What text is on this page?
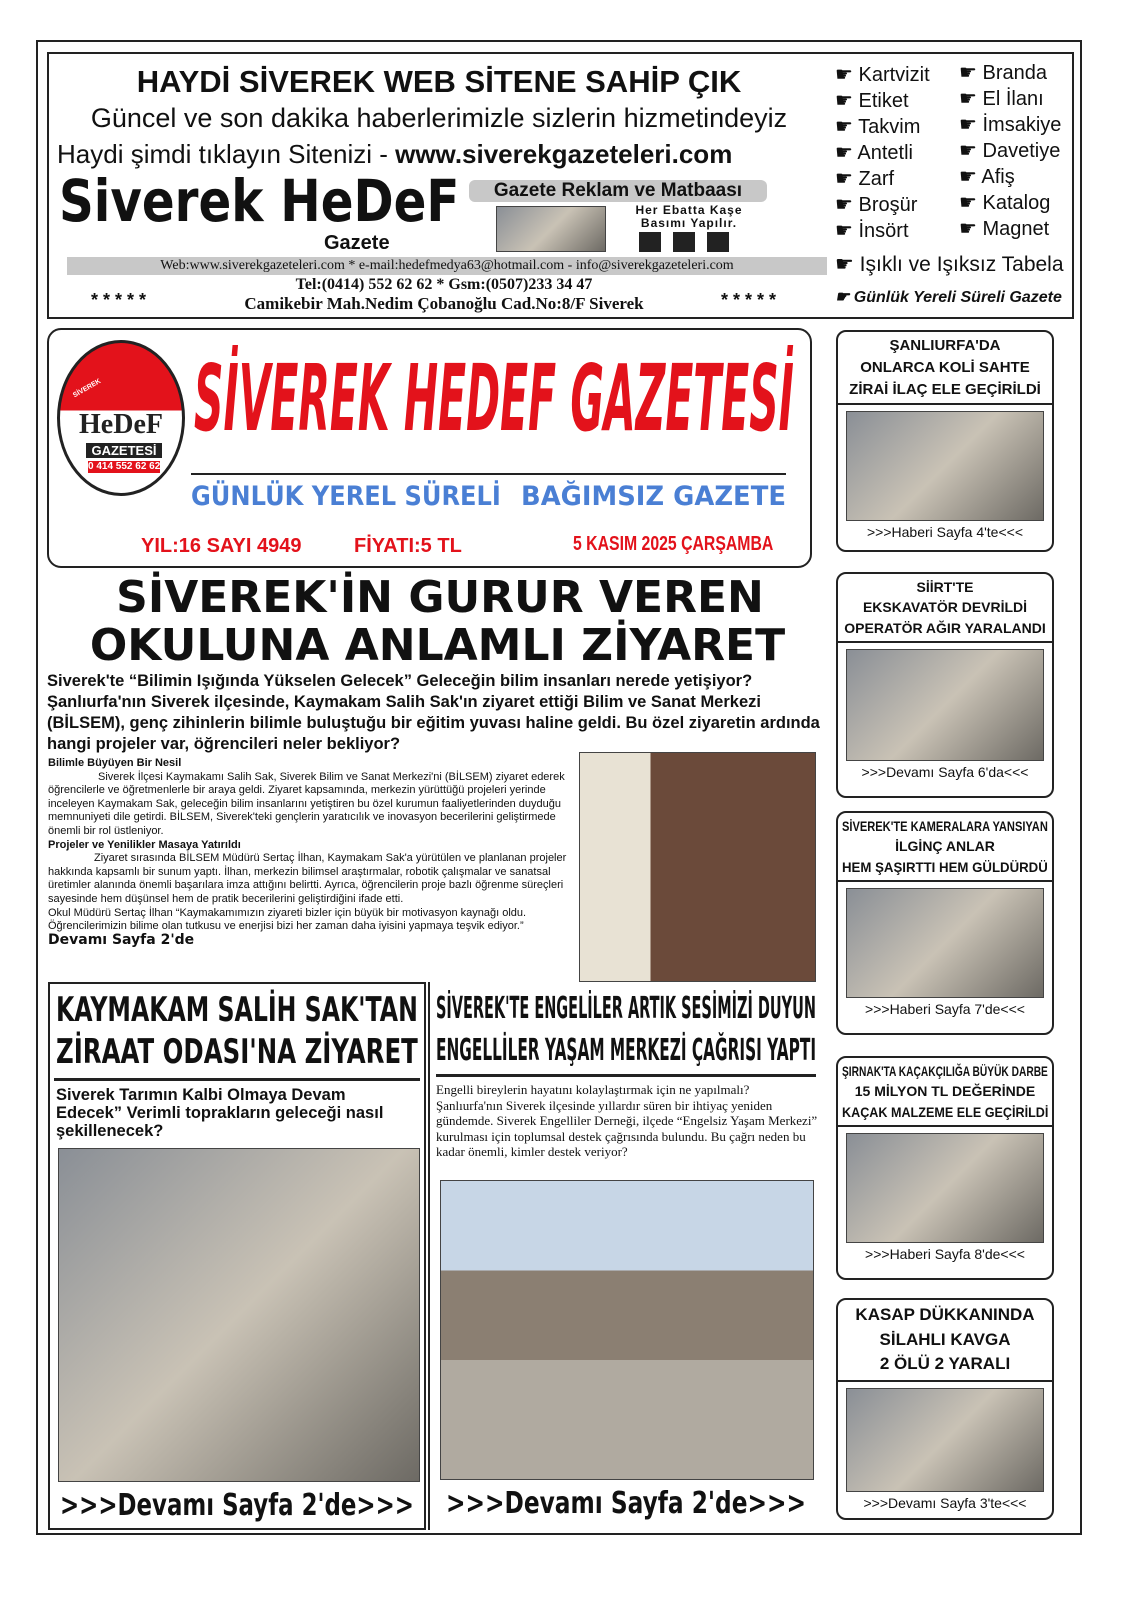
HAYDİ SİVEREK WEB SİTENE SAHİP ÇIK
Güncel ve son dakika haberlerimizle sizlerin hizmetindeyiz
Haydi şimdi tıklayın Sitenizi - www.siverekgazeteleri.com
Siverek HeDeF
Gazete
Gazete Reklam ve Matbaası
Her Ebatta Kaşe
Basımı Yapılır.
Web:www.siverekgazeteleri.com * e-mail:hedefmedya63@hotmail.com - info@siverekgazeteleri.com
Tel:(0414) 552 62 62 * Gsm:(0507)233 34 47
Camikebir Mah.Nedim Çobanoğlu Cad.No:8/F Siverek
* * * * *	* * * * *
☛ Kartvizit
☛ Etiket
☛ Takvim
☛ Antetli
☛ Zarf
☛ Broşür
☛ İnsört
☛ Branda
☛ El İlanı
☛ İmsakiye
☛ Davetiye
☛ Afiş
☛ Katalog
☛ Magnet
☛ Işıklı ve Işıksız Tabela
☛ Günlük Yereli Süreli Gazete
SİVEREK
HeDeF
GAZETESİ
0 414 552 62 62
SİVEREK HEDEF GAZETESİ
GÜNLÜK YEREL SÜRELİ BAĞIMSIZ GAZETE
YIL:16 SAYI 4949	FİYATI:5 TL	5 KASIM 2025 ÇARŞAMBA
SİVEREK'İN GURUR VEREN
OKULUNA ANLAMLI ZİYARET
Siverek'te “Bilimin Işığında Yükselen Gelecek” Geleceğin bilim insanları nerede yetişiyor? Şanlıurfa'nın Siverek ilçesinde, Kaymakam Salih Sak'ın ziyaret ettiği Bilim ve Sanat Merkezi (BİLSEM), genç zihinlerin bilimle buluştuğu bir eğitim yuvası haline geldi. Bu özel ziyaretin ardında hangi projeler var, öğrencileri neler bekliyor?
Bilimle Büyüyen Bir Nesil
Siverek İlçesi Kaymakamı Salih Sak, Siverek Bilim ve Sanat Merkezi'ni (BİLSEM) ziyaret ederek öğrencilerle ve öğretmenlerle bir araya geldi. Ziyaret kapsamında, merkezin yürüttüğü projeleri yerinde inceleyen Kaymakam Sak, geleceğin bilim insanlarını yetiştiren bu özel kurumun faaliyetlerinden duyduğu memnuniyeti dile getirdi. BİLSEM, Siverek'teki gençlerin yaratıcılık ve inovasyon becerilerini geliştirmede önemli bir rol üstleniyor.
Projeler ve Yenilikler Masaya Yatırıldı
Ziyaret sırasında BİLSEM Müdürü Sertaç İlhan, Kaymakam Sak'a yürütülen ve planlanan projeler hakkında kapsamlı bir sunum yaptı. İlhan, merkezin bilimsel araştırmalar, robotik çalışmalar ve sanatsal üretimler alanında önemli başarılara imza attığını belirtti. Ayrıca, öğrencilerin proje bazlı öğrenme süreçleri sayesinde hem düşünsel hem de pratik becerilerini geliştirdiğini ifade etti.
Okul Müdürü Sertaç İlhan “Kaymakamımızın ziyareti bizler için büyük bir motivasyon kaynağı oldu. Öğrencilerimizin bilime olan tutkusu ve enerjisi bizi her zaman daha iyisini yapmaya teşvik ediyor.” Devamı Sayfa 2'de
KAYMAKAM SALİH SAK'TAN
ZİRAAT ODASI'NA ZİYARET
Siverek Tarımın Kalbi Olmaya Devam Edecek” Verimli toprakların geleceği nasıl şekillenecek?
>>>Devamı Sayfa 2'de>>>
SİVEREK'TE ENGELİLER ARTIK SESİMİZİ DUYUN
ENGELLİLER YAŞAM MERKEZİ ÇAĞRISI YAPTI
Engelli bireylerin hayatını kolaylaştırmak için ne yapılmalı? Şanlıurfa'nın Siverek ilçesinde yıllardır süren bir ihtiyaç yeniden gündemde. Siverek Engelliler Derneği, ilçede “Engelsiz Yaşam Merkezi” kurulması için toplumsal destek çağrısında bulundu. Bu çağrı neden bu kadar önemli, kimler destek veriyor?
>>>Devamı Sayfa 2'de>>>
ŞANLIURFA'DA
ONLARCA KOLİ SAHTE
ZİRAİ İLAÇ ELE GEÇİRİLDİ
>>>Haberi Sayfa 4'te<<<
SİİRT'TE
EKSKAVATÖR DEVRİLDİ
OPERATÖR AĞIR YARALANDI
>>>Devamı Sayfa 6'da<<<
SİVEREK'TE KAMERALARA YANSIYAN
İLGİNÇ ANLAR
HEM ŞAŞIRTTI HEM GÜLDÜRDÜ
>>>Haberi Sayfa 7'de<<<
ŞIRNAK'TA KAÇAKÇILIĞA BÜYÜK DARBE
15 MİLYON TL DEĞERİNDE
KAÇAK MALZEME ELE GEÇİRİLDİ
>>>Haberi Sayfa 8'de<<<
KASAP DÜKKANINDA
SİLAHLI KAVGA
2 ÖLÜ 2 YARALI
>>>Devamı Sayfa 3'te<<<
